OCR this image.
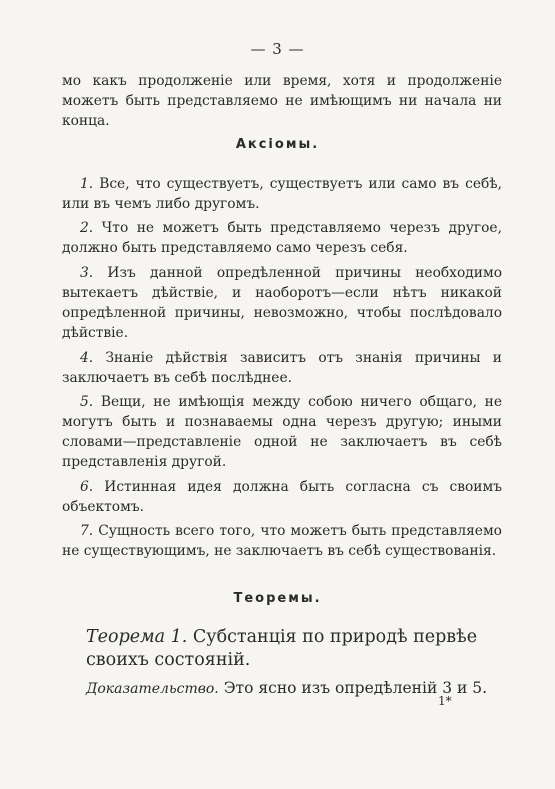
— 3 —
мо какъ продолженіе или время, хотя и продолженіе можетъ быть представляемо не имѣющимъ ни начала ни конца.
Аксіомы.
1. Все, что существуетъ, существуетъ или само въ себѣ, или въ чемъ либо другомъ.
2. Что не можетъ быть представляемо черезъ другое, должно быть представляемо само черезъ себя.
3. Изъ данной опредѣленной причины необходимо вытекаетъ дѣйствіе, и наоборотъ—если нѣтъ никакой опредѣленной причины, невозможно, чтобы послѣдовало дѣйствіе.
4. Знаніе дѣйствія зависитъ отъ знанія причины и заключаетъ въ себѣ послѣднее.
5. Вещи, не имѣющія между собою ничего общаго, не могутъ быть и познаваемы одна черезъ другую; иными словами—представленіе одной не заключаетъ въ себѣ представленія другой.
6. Истинная идея должна быть согласна съ своимъ объектомъ.
7. Сущность всего того, что можетъ быть представляемо не существующимъ, не заключаетъ въ себѣ существованія.
Теоремы.
Теорема 1. Субстанція по природѣ первѣе своихъ состояній.
Доказательство. Это ясно изъ опредѣленій 3 и 5.
1*
